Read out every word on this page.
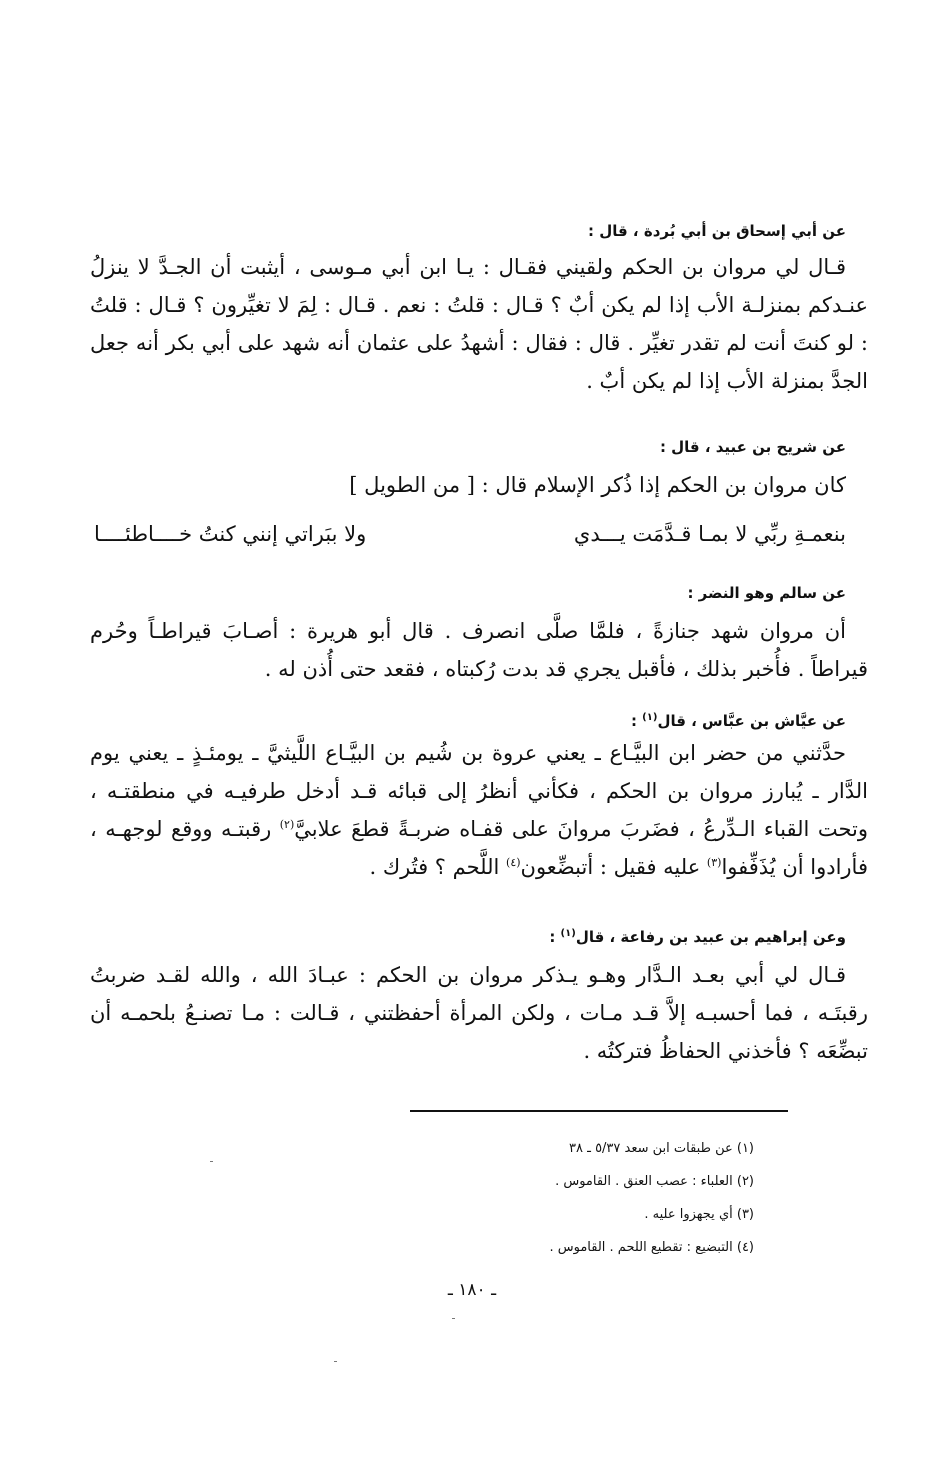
عن أبي إسحاق بن أبي بُردة ، قال :

قـال لي مروان بن الحكم ولقيني فقـال : يـا ابن أبي مـوسى ، أيثبت أن الجـدَّ لا ينزلُ عنـدكم بمنزلـة الأب إذا لم يكن أبٌ ؟ قـال : قلتُ : نعم . قـال : لِمَ لا تغيِّرون ؟ قـال : قلتُ : لو كنتَ أنت لم تقدر تغيِّر . قال : فقال : أشهدُ على عثمان أنه شهد على أبي بكر أنه جعل الجدَّ بمنزلة الأب إذا لم يكن أبٌ .

عن شريح بن عبيد ، قال :

كان مروان بن الحكم إذا ذُكر الإسلام قال : [ من الطويل ]

بنعمـةِ ربِّي لا بمـا قـدَّمَت يـــدي
ولا ببَراتي إنني كنتُ خــــاطئــــا
عن سالم وهو النضر :

أن مروان شهد جنازةً ، فلمَّا صلَّى انصرف . قال أبو هريرة : أصـابَ قيراطـاً وحُرم قيراطاً . فأُخبر بذلك ، فأقبل يجري قد بدت رُكبتاه ، فقعد حتى أُذن له .

عن عيَّاش بن عبَّاس ، قال$^{(١)}$ :

حدَّثني من حضر ابن البيَّـاع ـ يعني عروة بن شُيم بن البيَّـاع اللَّيثيَّ ـ يومئـذٍ ـ يعني يوم الدَّار ـ يُبارز مروان بن الحكم ، فكأني أنظرُ إلى قبائه قـد أدخل طرفيـه في منطقتـه ، وتحت القباء الـدِّرعُ ، فضَربَ مروانَ على قفـاه ضربـةً قطعَ علابيَّ$^{(٢)}$ رقبتـه ووقع لوجهـه ، فأرادوا أن يُذَفِّفوا$^{(٣)}$ عليه فقيل : أتبضِّعون$^{(٤)}$ اللَّحم ؟ فتُرك .

وعن إبراهيم بن عبيد بن رفاعة ، قال$^{(١)}$ :

قـال لي أبي بعـد الـدَّار وهـو يـذكر مروان بن الحكم : عبـادَ الله ، والله لقـد ضربتُ رقبتَـه ، فما أحسبـه إلاَّ قـد مـات ، ولكن المرأة أحفظتني ، قـالت : مـا تصنـعُ بلحمـه أن تبضِّعَه ؟ فأخذني الحفاظُ فتركتُه .

(١) عن طبقات ابن سعد ٥/٣٧ ـ ٣٨
(٢) العلباء : عصب العنق . القاموس .
(٣) أي يجهزوا عليه .
(٤) التبضيع : تقطيع اللحم . القاموس .
ـ ١٨٠ ـ
